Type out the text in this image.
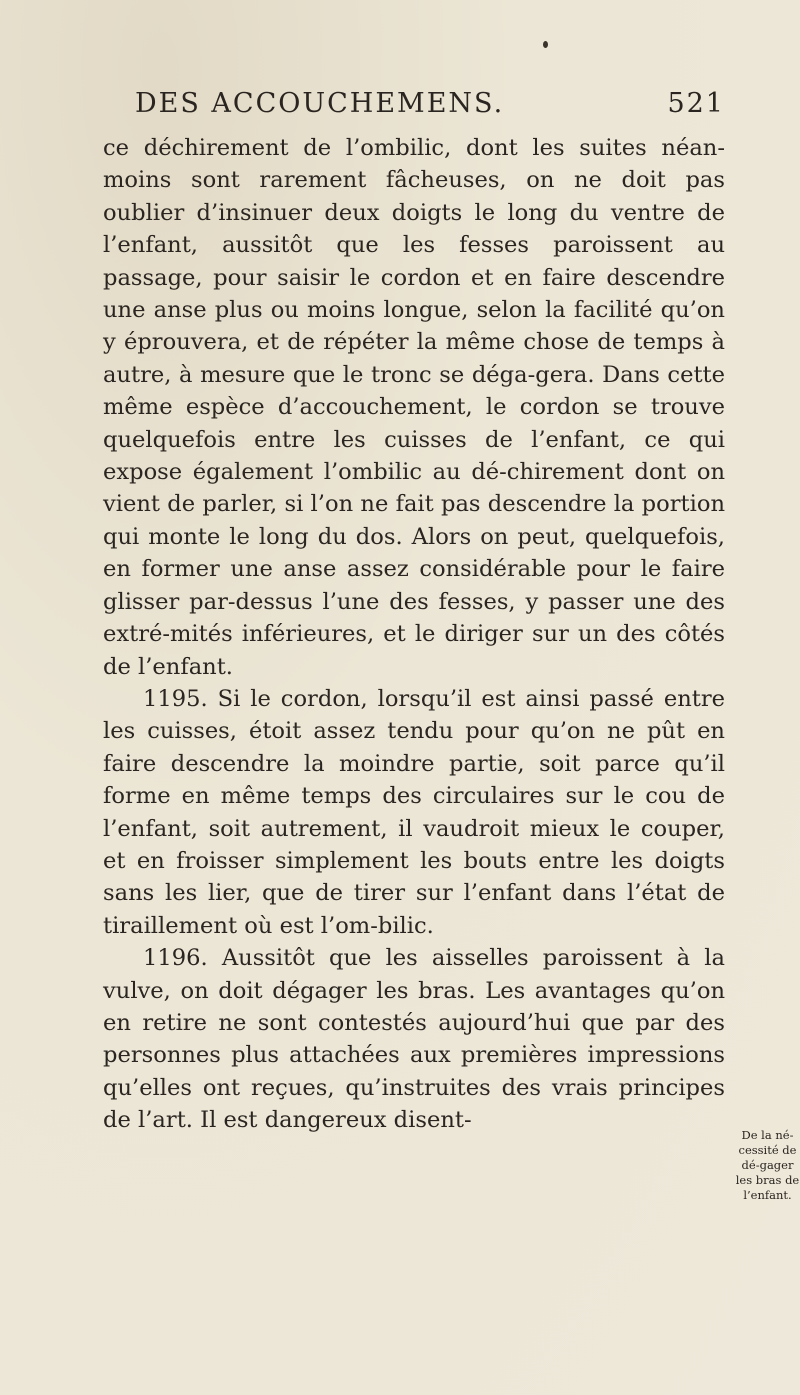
DES ACCOUCHEMENS.	521

ce déchirement de l’ombilic, dont les suites néan-moins sont rarement fâcheuses, on ne doit pas oublier d’insinuer deux doigts le long du ventre de l’enfant, aussitôt que les fesses paroissent au passage, pour saisir le cordon et en faire descendre une anse plus ou moins longue, selon la facilité qu’on y éprouvera, et de répéter la même chose de temps à autre, à mesure que le tronc se déga-gera. Dans cette même espèce d’accouchement, le cordon se trouve quelquefois entre les cuisses de l’enfant, ce qui expose également l’ombilic au dé-chirement dont on vient de parler, si l’on ne fait pas descendre la portion qui monte le long du dos. Alors on peut, quelquefois, en former une anse assez considérable pour le faire glisser par-dessus l’une des fesses, y passer une des extré-mités inférieures, et le diriger sur un des côtés de l’enfant.

1195. Si le cordon, lorsqu’il est ainsi passé entre les cuisses, étoit assez tendu pour qu’on ne pût en faire descendre la moindre partie, soit parce qu’il forme en même temps des circulaires sur le cou de l’enfant, soit autrement, il vaudroit mieux le couper, et en froisser simplement les bouts entre les doigts sans les lier, que de tirer sur l’enfant dans l’état de tiraillement où est l’om-bilic.

1196. Aussitôt que les aisselles paroissent à la vulve, on doit dégager les bras. Les avantages qu’on en retire ne sont contestés aujourd’hui que par des personnes plus attachées aux premières impressions qu’elles ont reçues, qu’instruites des vrais principes de l’art. Il est dangereux disent-

De la né-cessité de dé-gager les bras de l’enfant.
